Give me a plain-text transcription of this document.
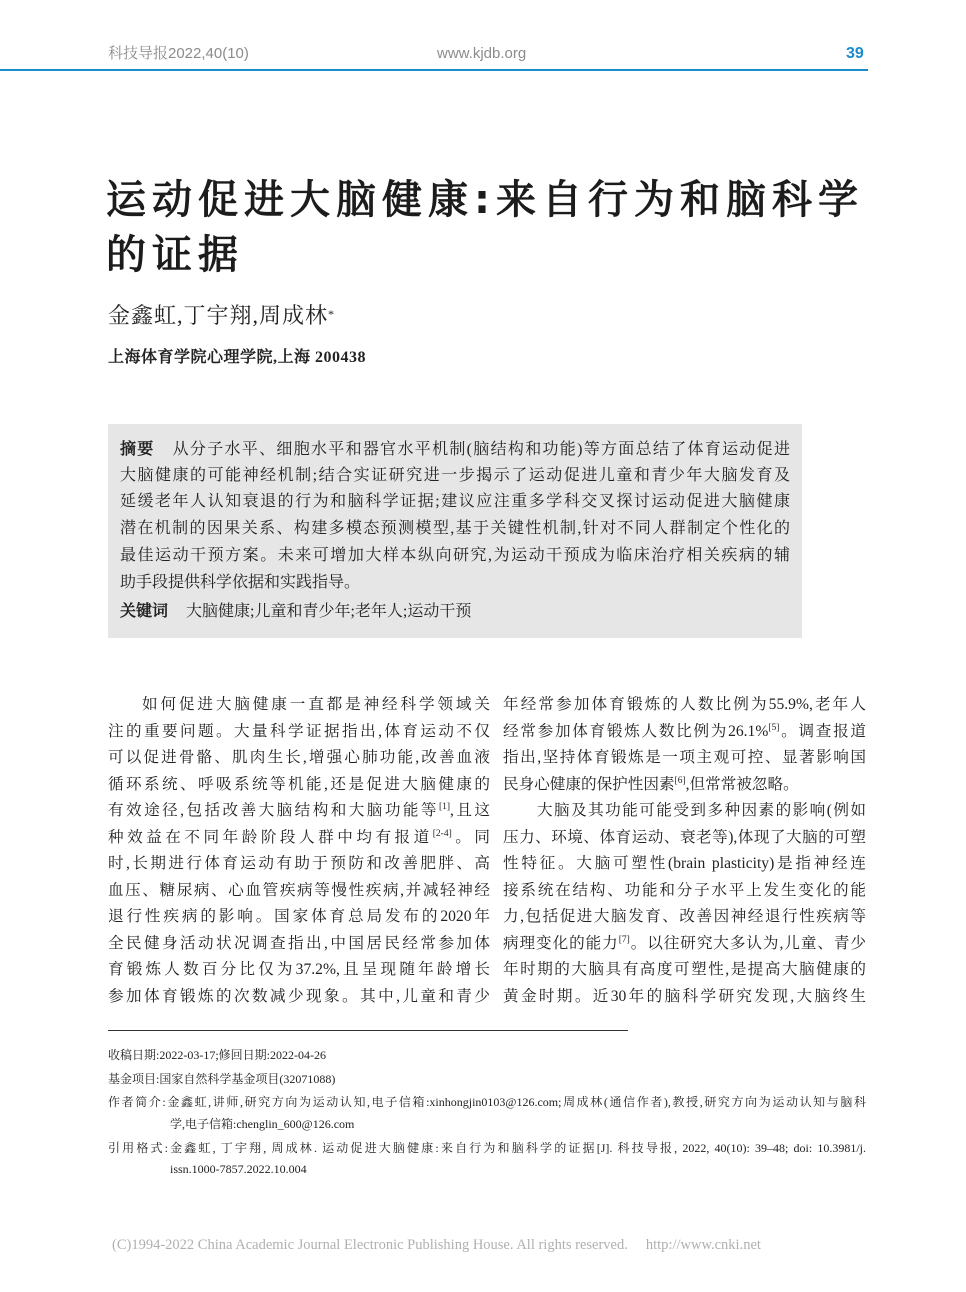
科技导报2022,40(10)	www.kjdb.org	39
运动促进大脑健康:来自行为和脑科学
的证据
金鑫虹,丁宇翔,周成林*
上海体育学院心理学院,上海 200438
摘要 从分子水平、细胞水平和器官水平机制(脑结构和功能)等方面总结了体育运动促进
大脑健康的可能神经机制;结合实证研究进一步揭示了运动促进儿童和青少年大脑发育及
延缓老年人认知衰退的行为和脑科学证据;建议应注重多学科交叉探讨运动促进大脑健康
潜在机制的因果关系、构建多模态预测模型,基于关键性机制,针对不同人群制定个性化的
最佳运动干预方案。未来可增加大样本纵向研究,为运动干预成为临床治疗相关疾病的辅
助手段提供科学依据和实践指导。
关键词 大脑健康;儿童和青少年;老年人;运动干预
如何促进大脑健康一直都是神经科学领域关
注的重要问题。大量科学证据指出,体育运动不仅
可以促进骨骼、肌肉生长,增强心肺功能,改善血液
循环系统、呼吸系统等机能,还是促进大脑健康的
有效途径,包括改善大脑结构和大脑功能等[1],且这
种效益在不同年龄阶段人群中均有报道[2-4]。同
时,长期进行体育运动有助于预防和改善肥胖、高
血压、糖尿病、心血管疾病等慢性疾病,并减轻神经
退行性疾病的影响。国家体育总局发布的2020年
全民健身活动状况调查指出,中国居民经常参加体
育锻炼人数百分比仅为37.2%,且呈现随年龄增长
参加体育锻炼的次数减少现象。其中,儿童和青少
年经常参加体育锻炼的人数比例为55.9%,老年人
经常参加体育锻炼人数比例为26.1%[5]。调查报道
指出,坚持体育锻炼是一项主观可控、显著影响国
民身心健康的保护性因素[6],但常常被忽略。
大脑及其功能可能受到多种因素的影响(例如
压力、环境、体育运动、衰老等),体现了大脑的可塑
性特征。大脑可塑性(brain plasticity)是指神经连
接系统在结构、功能和分子水平上发生变化的能
力,包括促进大脑发育、改善因神经退行性疾病等
病理变化的能力[7]。以往研究大多认为,儿童、青少
年时期的大脑具有高度可塑性,是提高大脑健康的
黄金时期。近30年的脑科学研究发现,大脑终生
收稿日期:2022-03-17;修回日期:2022-04-26
基金项目:国家自然科学基金项目(32071088)
作者简介:金鑫虹,讲师,研究方向为运动认知,电子信箱:xinhongjin0103@126.com;周成林(通信作者),教授,研究方向为运动认知与脑科
学,电子信箱:chenglin_600@126.com
引用格式:金鑫虹, 丁宇翔, 周成林. 运动促进大脑健康:来自行为和脑科学的证据[J]. 科技导报, 2022, 40(10): 39–48; doi: 10.3981/j.
issn.1000-7857.2022.10.004
(C)1994-2022 China Academic Journal Electronic Publishing House. All rights reserved. http://www.cnki.net
